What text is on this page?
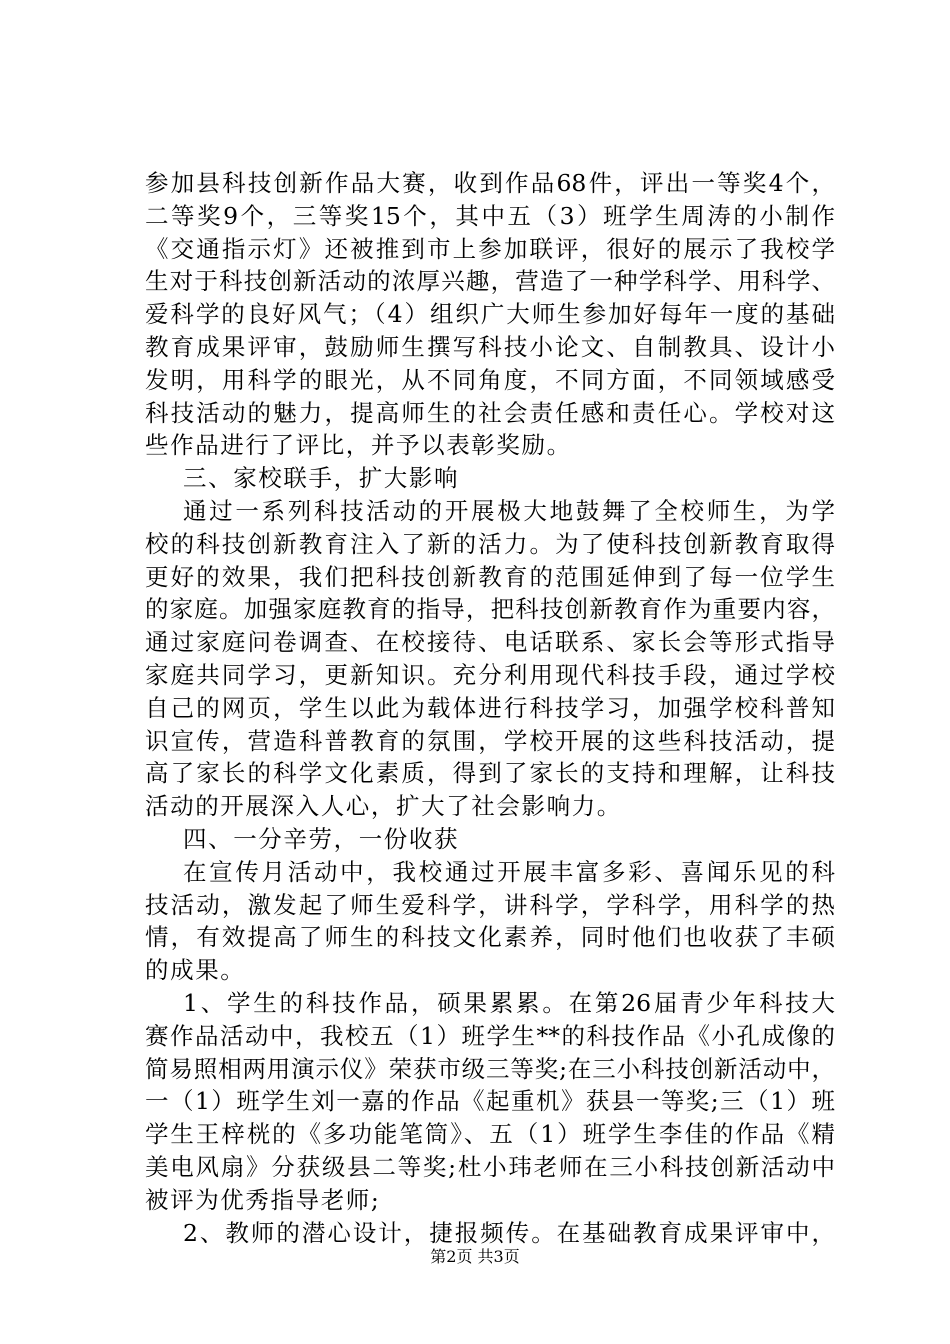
参加县科技创新作品大赛，收到作品68件，评出一等奖4个，
二等奖9个，三等奖15个，其中五（3）班学生周涛的小制作
《交通指示灯》还被推到市上参加联评，很好的展示了我校学
生对于科技创新活动的浓厚兴趣，营造了一种学科学、用科学、
爱科学的良好风气；（4）组织广大师生参加好每年一度的基础
教育成果评审，鼓励师生撰写科技小论文、自制教具、设计小
发明，用科学的眼光，从不同角度，不同方面，不同领域感受
科技活动的魅力，提高师生的社会责任感和责任心。学校对这
些作品进行了评比，并予以表彰奖励。
三、家校联手，扩大影响
通过一系列科技活动的开展极大地鼓舞了全校师生，为学
校的科技创新教育注入了新的活力。为了使科技创新教育取得
更好的效果，我们把科技创新教育的范围延伸到了每一位学生
的家庭。加强家庭教育的指导，把科技创新教育作为重要内容，
通过家庭问卷调查、在校接待、电话联系、家长会等形式指导
家庭共同学习，更新知识。充分利用现代科技手段，通过学校
自己的网页，学生以此为载体进行科技学习，加强学校科普知
识宣传，营造科普教育的氛围，学校开展的这些科技活动，提
高了家长的科学文化素质，得到了家长的支持和理解，让科技
活动的开展深入人心，扩大了社会影响力。
四、一分辛劳，一份收获
在宣传月活动中，我校通过开展丰富多彩、喜闻乐见的科
技活动，激发起了师生爱科学，讲科学，学科学，用科学的热
情，有效提高了师生的科技文化素养，同时他们也收获了丰硕
的成果。
1、学生的科技作品，硕果累累。在第26届青少年科技大
赛作品活动中，我校五（1）班学生**的科技作品《小孔成像的
简易照相两用演示仪》荣获市级三等奖;在三小科技创新活动中，
一（1）班学生刘一嘉的作品《起重机》获县一等奖;三（1）班
学生王梓桄的《多功能笔筒》、五（1）班学生李佳的作品《精
美电风扇》分获级县二等奖;杜小玮老师在三小科技创新活动中
被评为优秀指导老师;
2、教师的潜心设计，捷报频传。在基础教育成果评审中，
第2页 共3页
